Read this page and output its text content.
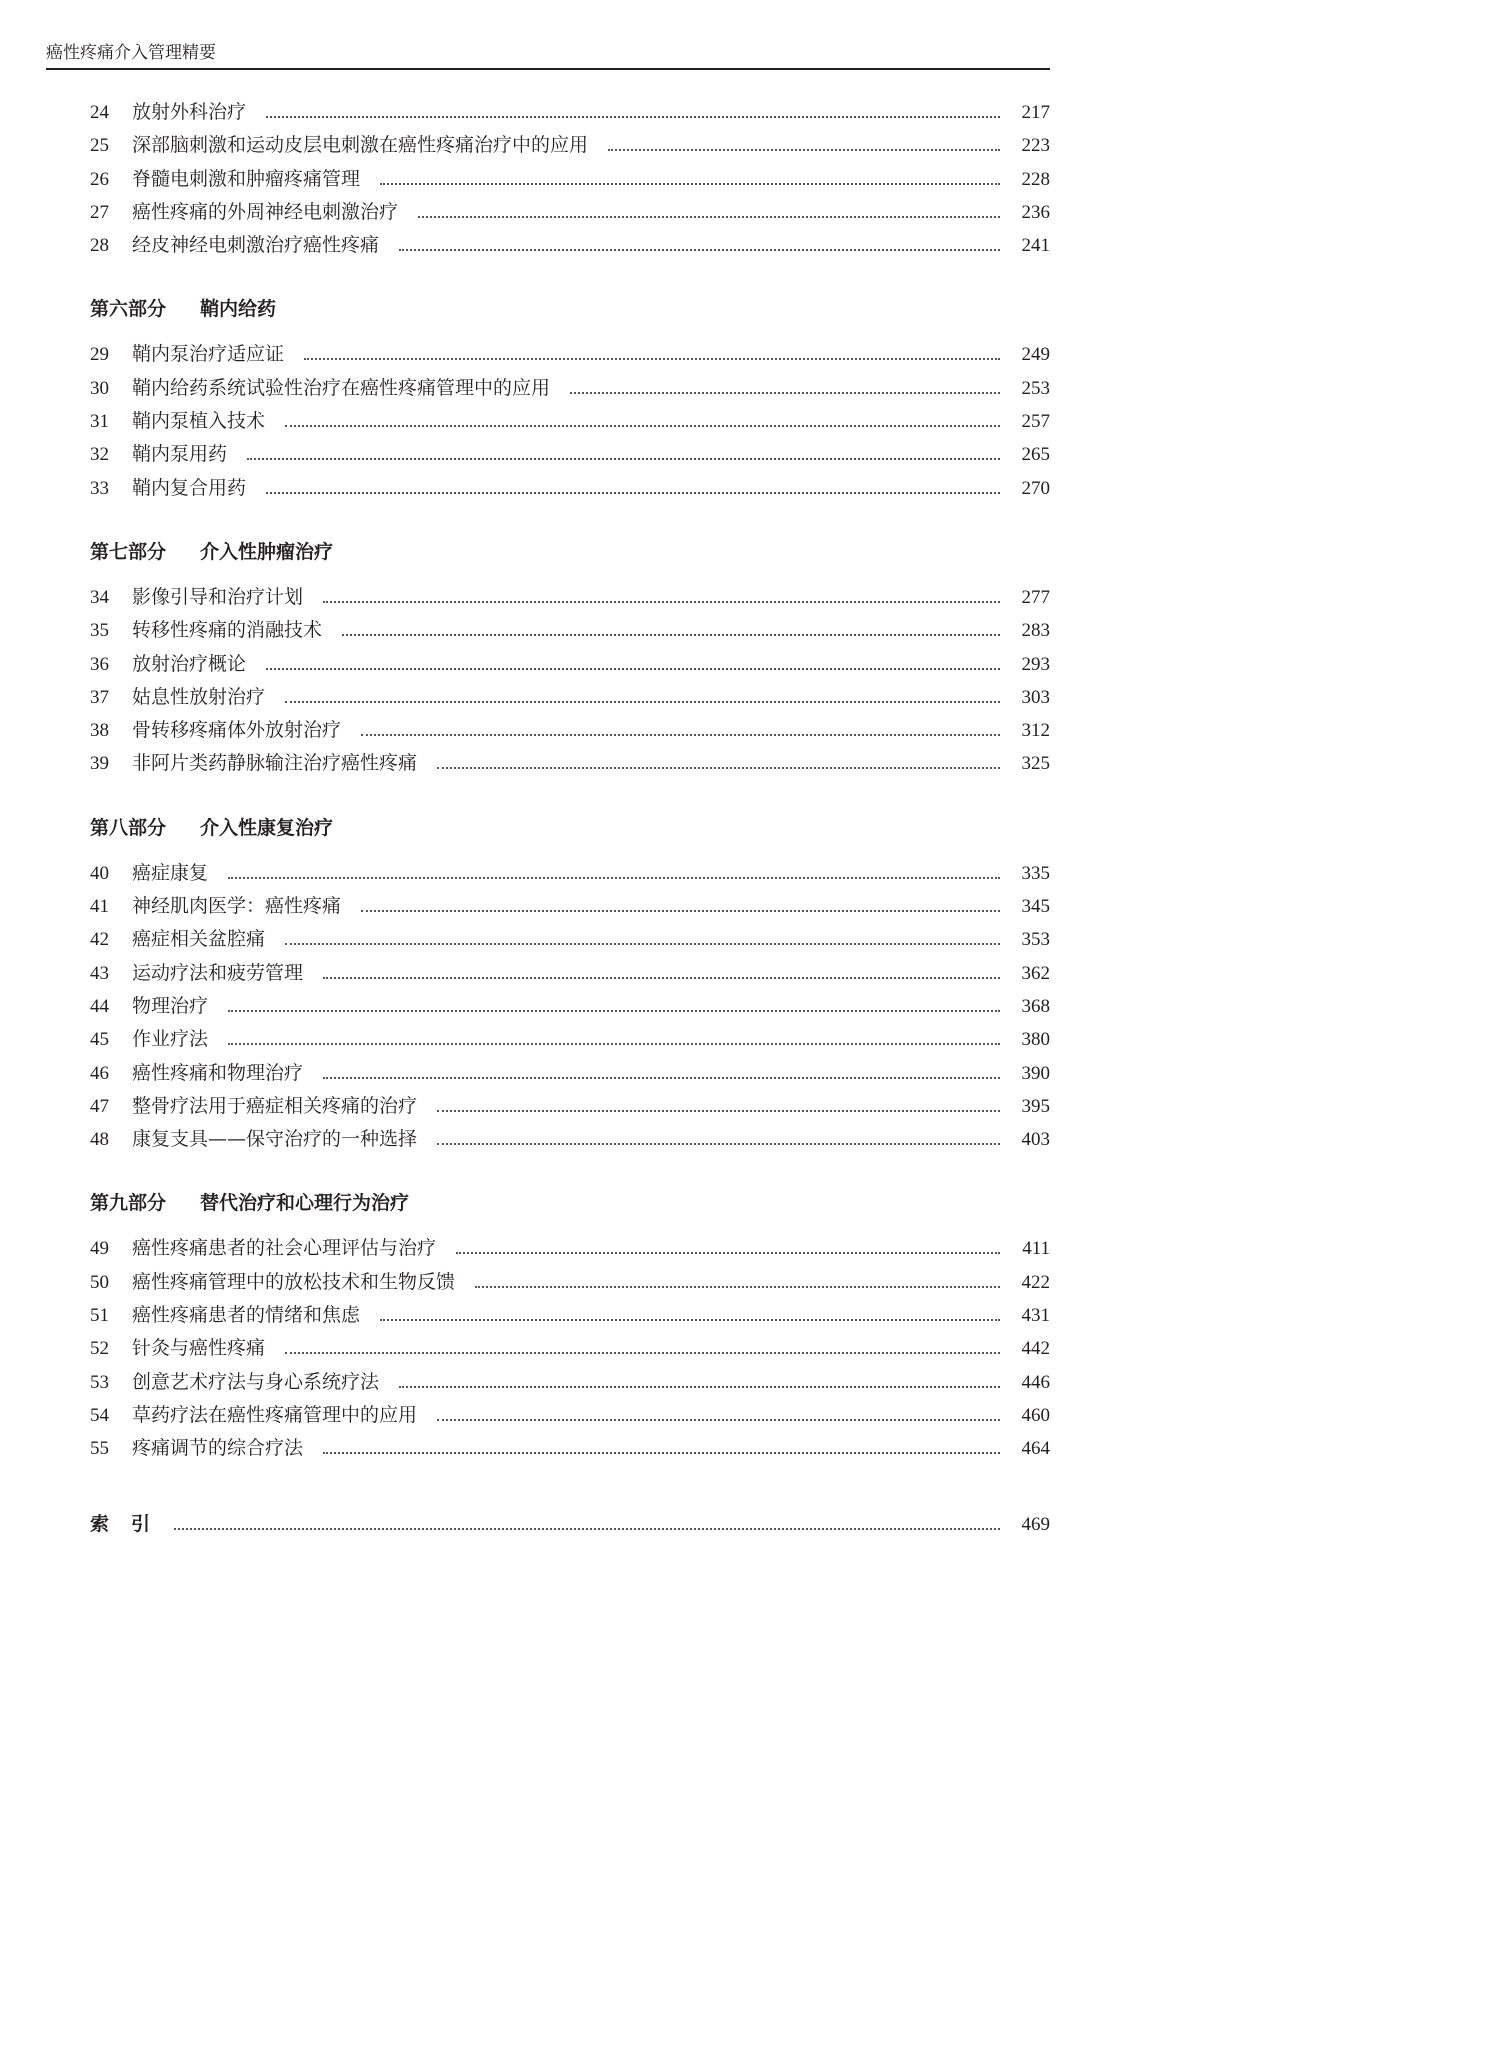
癌性疼痛介入管理精要
24	放射外科治疗	217
25	深部脑刺激和运动皮层电刺激在癌性疼痛治疗中的应用	223
26	脊髓电刺激和肿瘤疼痛管理	228
27	癌性疼痛的外周神经电刺激治疗	236
28	经皮神经电刺激治疗癌性疼痛	241
第六部分 鞘内给药
29	鞘内泵治疗适应证	249
30	鞘内给药系统试验性治疗在癌性疼痛管理中的应用	253
31	鞘内泵植入技术	257
32	鞘内泵用药	265
33	鞘内复合用药	270
第七部分 介入性肿瘤治疗
34	影像引导和治疗计划	277
35	转移性疼痛的消融技术	283
36	放射治疗概论	293
37	姑息性放射治疗	303
38	骨转移疼痛体外放射治疗	312
39	非阿片类药静脉输注治疗癌性疼痛	325
第八部分 介入性康复治疗
40	癌症康复	335
41	神经肌肉医学：癌性疼痛	345
42	癌症相关盆腔痛	353
43	运动疗法和疲劳管理	362
44	物理治疗	368
45	作业疗法	380
46	癌性疼痛和物理治疗	390
47	整骨疗法用于癌症相关疼痛的治疗	395
48	康复支具——保守治疗的一种选择	403
第九部分 替代治疗和心理行为治疗
49	癌性疼痛患者的社会心理评估与治疗	411
50	癌性疼痛管理中的放松技术和生物反馈	422
51	癌性疼痛患者的情绪和焦虑	431
52	针灸与癌性疼痛	442
53	创意艺术疗法与身心系统疗法	446
54	草药疗法在癌性疼痛管理中的应用	460
55	疼痛调节的综合疗法	464
索引	469
